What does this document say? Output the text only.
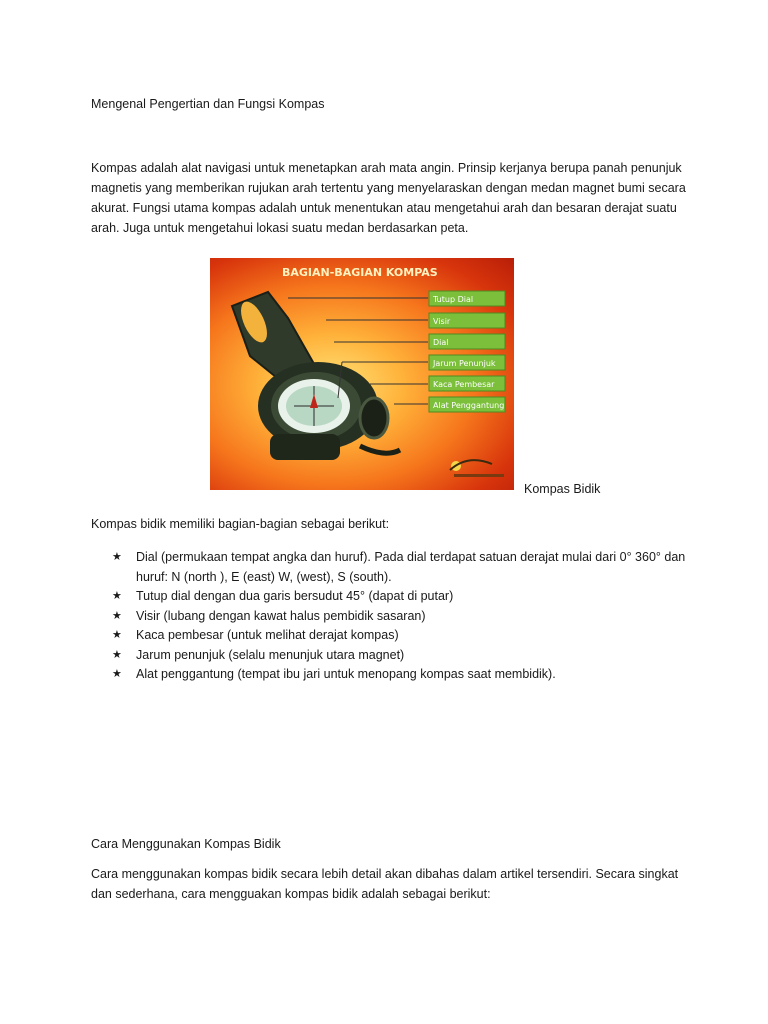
Mengenal Pengertian dan Fungsi Kompas
Kompas adalah alat navigasi untuk menetapkan arah mata angin. Prinsip kerjanya berupa panah penunjuk magnetis yang memberikan rujukan arah tertentu yang menyelaraskan dengan medan magnet bumi secara akurat. Fungsi utama kompas adalah untuk menentukan atau mengetahui arah dan besaran derajat suatu arah. Juga untuk mengetahui lokasi suatu medan berdasarkan peta.
BAGIAN-BAGIAN KOMPAS
Tutup Dial
Visir
Dial
Jarum Penunjuk
Kaca Pembesar
Alat Penggantung
Kompas Bidik
Kompas bidik memiliki bagian-bagian sebagai berikut:
★ Dial (permukaan tempat angka dan huruf). Pada dial terdapat satuan derajat mulai dari 0° 360° dan huruf: N (north ), E (east) W, (west), S (south).
★ Tutup dial dengan dua garis bersudut 45° (dapat di putar)
★ Visir (lubang dengan kawat halus pembidik sasaran)
★ Kaca pembesar (untuk melihat derajat kompas)
★ Jarum penunjuk (selalu menunjuk utara magnet)
★ Alat penggantung (tempat ibu jari untuk menopang kompas saat membidik).
Cara Menggunakan Kompas Bidik
Cara menggunakan kompas bidik secara lebih detail akan dibahas dalam artikel tersendiri. Secara singkat dan sederhana, cara mengguakan kompas bidik adalah sebagai berikut:
